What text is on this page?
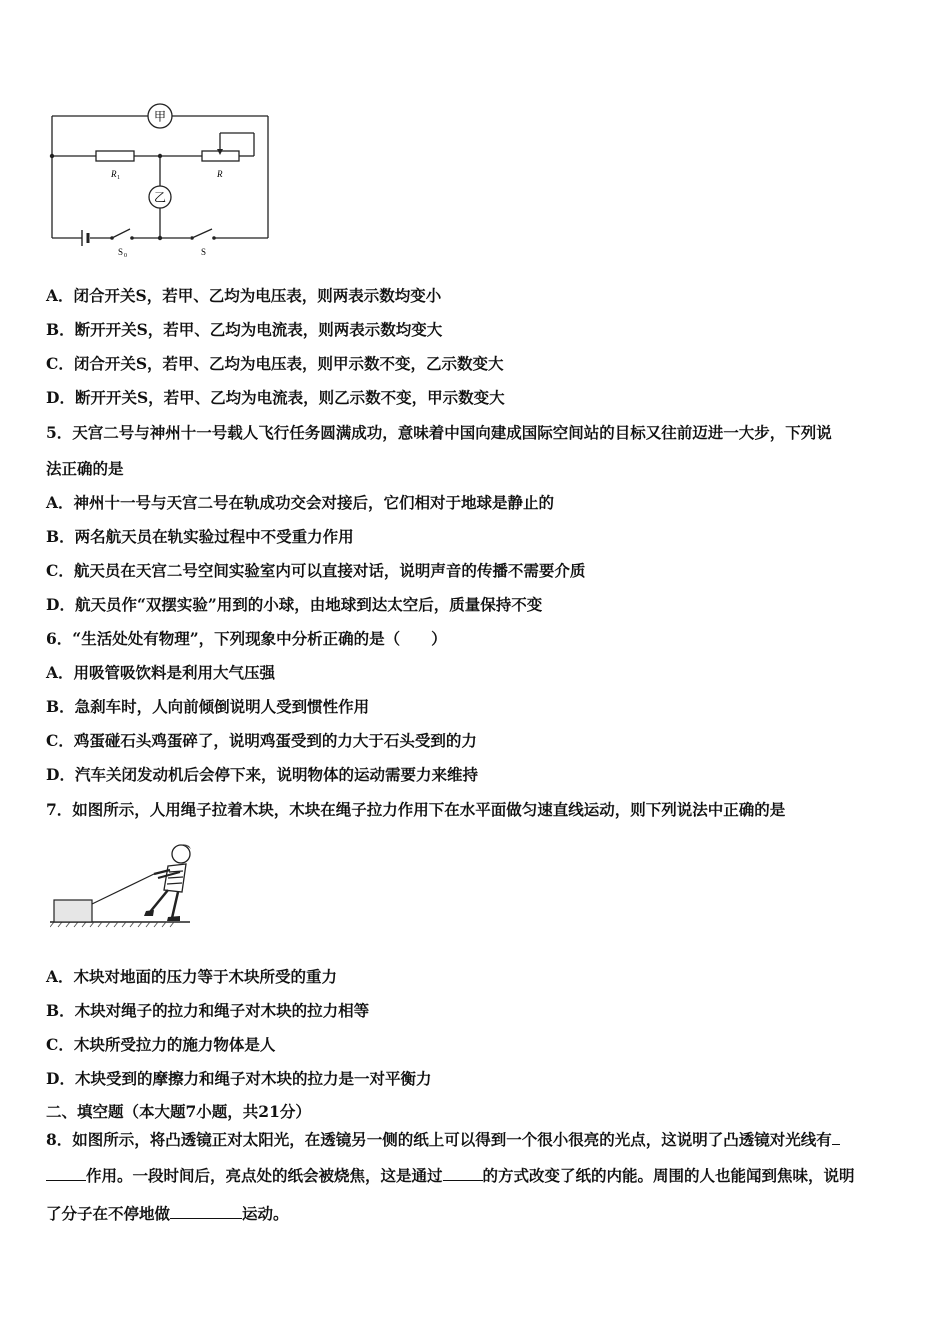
甲
乙
R 1	R
S 0	S
A．闭合开关S，若甲、乙均为电压表，则两表示数均变小
B．断开开关S，若甲、乙均为电流表，则两表示数均变大
C．闭合开关S，若甲、乙均为电压表，则甲示数不变，乙示数变大
D．断开开关S，若甲、乙均为电流表，则乙示数不变，甲示数变大
5．天宫二号与神州十一号载人飞行任务圆满成功，意味着中国向建成国际空间站的目标又往前迈进一大步，下列说
法正确的是
A．神州十一号与天宫二号在轨成功交会对接后，它们相对于地球是静止的
B．两名航天员在轨实验过程中不受重力作用
C．航天员在天宫二号空间实验室内可以直接对话，说明声音的传播不需要介质
D．航天员作“双摆实验”用到的小球，由地球到达太空后，质量保持不变
6．“生活处处有物理”，下列现象中分析正确的是（　　）
A．用吸管吸饮料是利用大气压强
B．急刹车时，人向前倾倒说明人受到惯性作用
C．鸡蛋碰石头鸡蛋碎了，说明鸡蛋受到的力大于石头受到的力
D．汽车关闭发动机后会停下来，说明物体的运动需要力来维持
7．如图所示，人用绳子拉着木块，木块在绳子拉力作用下在水平面做匀速直线运动，则下列说法中正确的是
A．木块对地面的压力等于木块所受的重力
B．木块对绳子的拉力和绳子对木块的拉力相等
C．木块所受拉力的施力物体是人
D．木块受到的摩擦力和绳子对木块的拉力是一对平衡力
二、填空题（本大题7小题，共21分）
8．如图所示，将凸透镜正对太阳光，在透镜另一侧的纸上可以得到一个很小很亮的光点，这说明了凸透镜对光线有
作用。一段时间后，亮点处的纸会被烧焦，这是通过	的方式改变了纸的内能。周围的人也能闻到焦味，说明
了分子在不停地做	运动。
